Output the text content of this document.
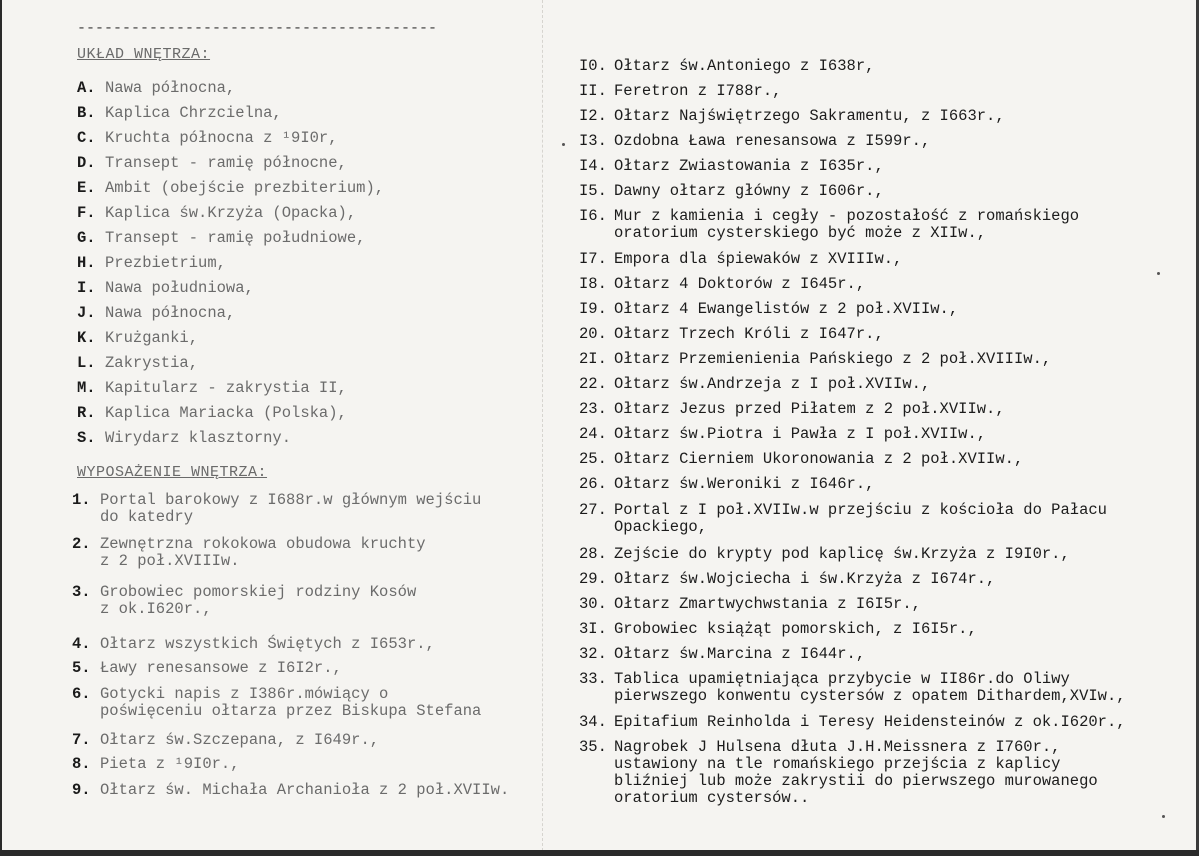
----------------------------------------
UKŁAD WNĘTRZA:
A. Nawa północna,
B. Kaplica Chrzcielna,
C. Kruchta północna z ¹9I0r,
D. Transept - ramię północne,
E. Ambit (obejście prezbiterium),
F. Kaplica św.Krzyża (Opacka),
G. Transept - ramię południowe,
H. Prezbietrium,
I. Nawa południowa,
J. Nawa północna,
K. Krużganki,
L. Zakrystia,
M. Kapitularz - zakrystia II,
R. Kaplica Mariacka (Polska),
S. Wirydarz klasztorny.
WYPOSAŻENIE WNĘTRZA:
1. Portal barokowy z I688r.w głównym wejściu
do katedry
2. Zewnętrzna rokokowa obudowa kruchty
z 2 poł.XVIIIw.
3. Grobowiec pomorskiej rodziny Kosów
z ok.I620r.,
4. Ołtarz wszystkich Świętych z I653r.,
5. Ławy renesansowe z I6I2r.,
6. Gotycki napis z I386r.mówiący o
poświęceniu ołtarza przez Biskupa Stefana
7. Ołtarz św.Szczepana, z I649r.,
8. Pieta z ¹9I0r.,
9. Ołtarz św. Michała Archanioła z 2 poł.XVIIw.
I0. Ołtarz św.Antoniego z I638r,
II. Feretron z I788r.,
I2. Ołtarz Najświętrzego Sakramentu, z I663r.,
I3. Ozdobna Ława renesansowa z I599r.,
I4. Ołtarz Zwiastowania z I635r.,
I5. Dawny ołtarz główny z I606r.,
I6. Mur z kamienia i cegły - pozostałość z romańskiego
oratorium cysterskiego być może z XIIw.,
I7. Empora dla śpiewaków z XVIIIw.,
I8. Ołtarz 4 Doktorów z I645r.,
I9. Ołtarz 4 Ewangelistów z 2 poł.XVIIw.,
20. Ołtarz Trzech Króli z I647r.,
2I. Ołtarz Przemienienia Pańskiego z 2 poł.XVIIIw.,
22. Ołtarz św.Andrzeja z I poł.XVIIw.,
23. Ołtarz Jezus przed Piłatem z 2 poł.XVIIw.,
24. Ołtarz św.Piotra i Pawła z I poł.XVIIw.,
25. Ołtarz Cierniem Ukoronowania z 2 poł.XVIIw.,
26. Ołtarz św.Weroniki z I646r.,
27. Portal z I poł.XVIIw.w przejściu z kościoła do Pałacu
Opackiego,
28. Zejście do krypty pod kaplicę św.Krzyża z I9I0r.,
29. Ołtarz św.Wojciecha i św.Krzyża z I674r.,
30. Ołtarz Zmartwychwstania z I6I5r.,
3I. Grobowiec książąt pomorskich, z I6I5r.,
32. Ołtarz św.Marcina z I644r.,
33. Tablica upamiętniająca przybycie w II86r.do Oliwy
pierwszego konwentu cystersów z opatem Dithardem,XVIw.,
34. Epitafium Reinholda i Teresy Heidensteinów z ok.I620r.,
35. Nagrobek J Hulsena dłuta J.H.Meissnera z I760r.,
ustawiony na tle romańskiego przejścia z kaplicy
bliźniej lub może zakrystii do pierwszego murowanego
oratorium cystersów..
